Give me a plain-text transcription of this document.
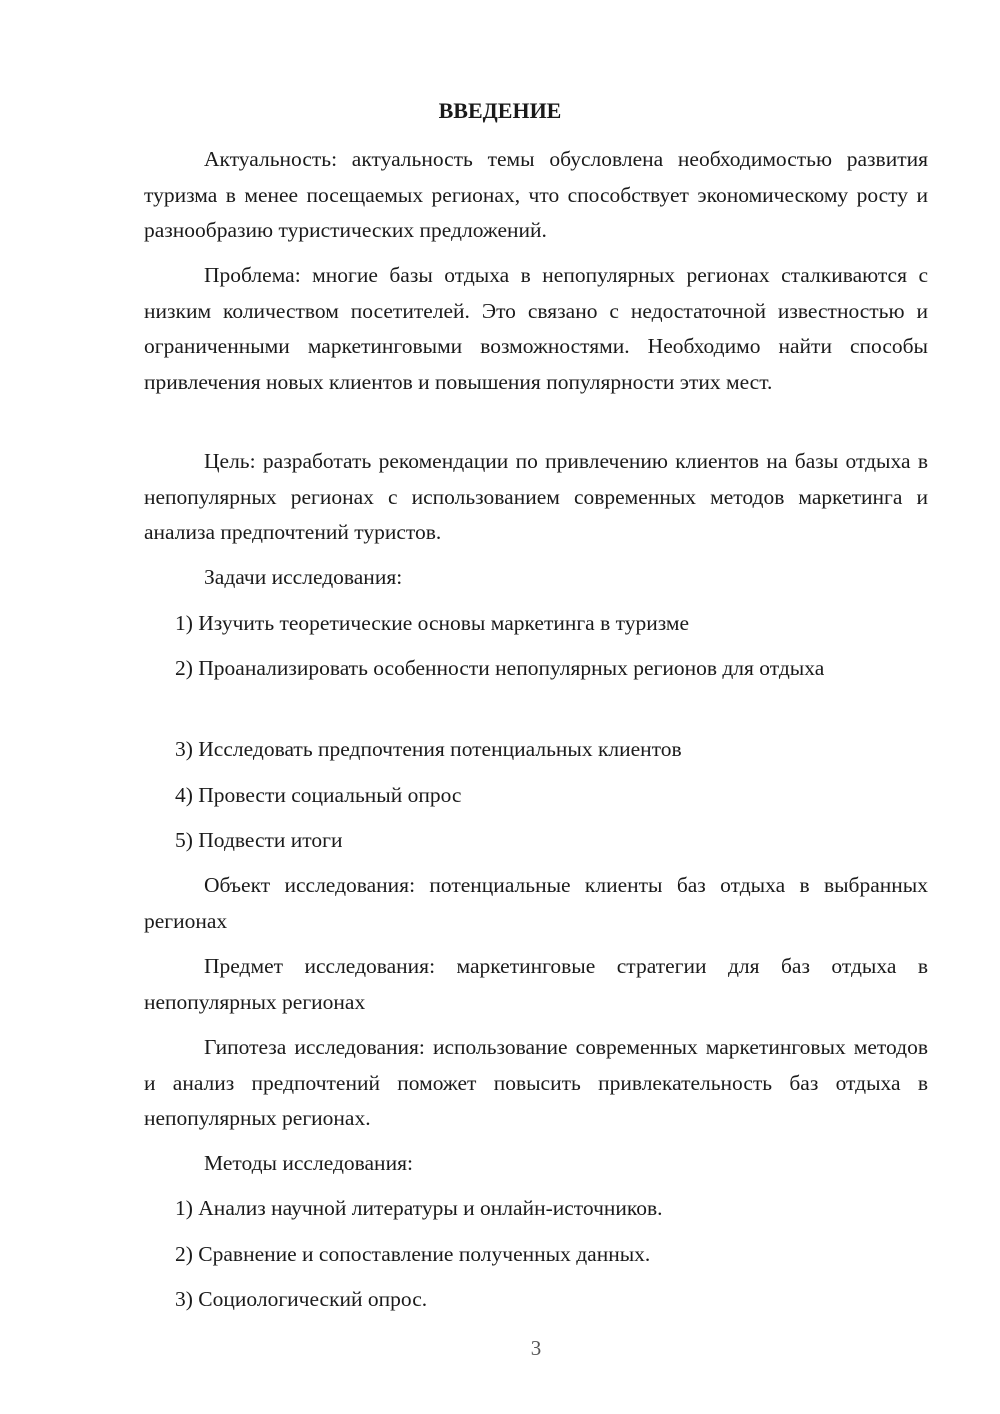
ВВЕДЕНИЕ

Актуальность: актуальность темы обусловлена необходимостью развития туризма в менее посещаемых регионах, что способствует экономическому росту и разнообразию туристических предложений.

Проблема: многие базы отдыха в непопулярных регионах сталкиваются с низким количеством посетителей. Это связано с недостаточной известностью и ограниченными маркетинговыми возможностями. Необходимо найти способы привлечения новых клиентов и повышения популярности этих мест.

Цель: разработать рекомендации по привлечению клиентов на базы отдыха в непопулярных регионах с использованием современных методов маркетинга и анализа предпочтений туристов.

Задачи исследования:

1) Изучить теоретические основы маркетинга в туризме

2) Проанализировать особенности непопулярных регионов для отдыха

3) Исследовать предпочтения потенциальных клиентов

4) Провести социальный опрос

5) Подвести итоги

Объект исследования: потенциальные клиенты баз отдыха в выбранных регионах

Предмет исследования: маркетинговые стратегии для баз отдыха в непопулярных регионах

Гипотеза исследования: использование современных маркетинговых методов и анализ предпочтений поможет повысить привлекательность баз отдыха в непопулярных регионах.

Методы исследования:

1) Анализ научной литературы и онлайн-источников.

2) Сравнение и сопоставление полученных данных.

3) Социологический опрос.

3
